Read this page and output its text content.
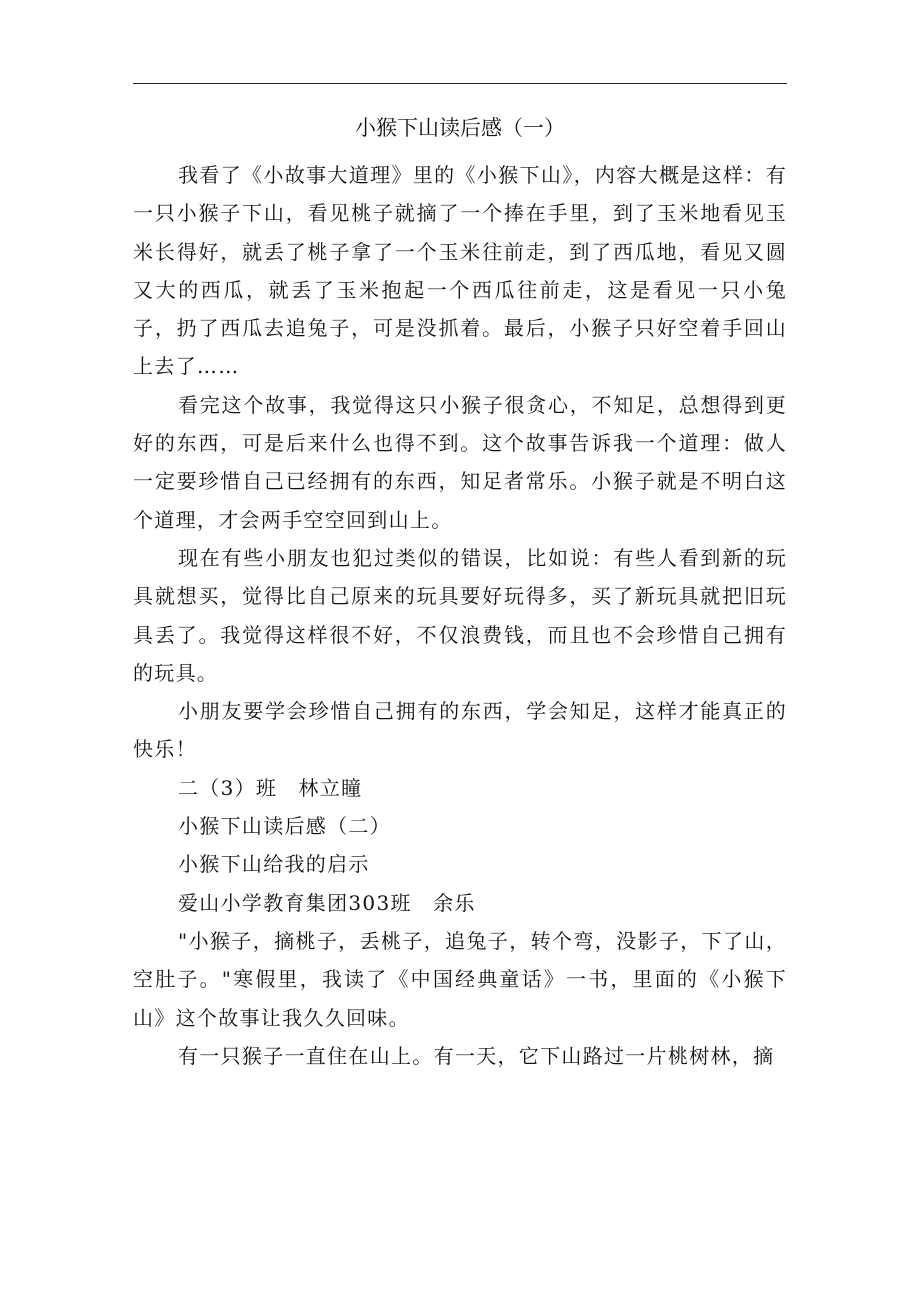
小猴下山读后感（一）

我看了《小故事大道理》里的《小猴下山》，内容大概是这样：有一只小猴子下山，看见桃子就摘了一个捧在手里，到了玉米地看见玉米长得好，就丢了桃子拿了一个玉米往前走，到了西瓜地，看见又圆又大的西瓜，就丢了玉米抱起一个西瓜往前走，这是看见一只小兔子，扔了西瓜去追兔子，可是没抓着。最后，小猴子只好空着手回山上去了……

看完这个故事，我觉得这只小猴子很贪心，不知足，总想得到更好的东西，可是后来什么也得不到。这个故事告诉我一个道理：做人一定要珍惜自己已经拥有的东西，知足者常乐。小猴子就是不明白这个道理，才会两手空空回到山上。

现在有些小朋友也犯过类似的错误，比如说：有些人看到新的玩具就想买，觉得比自己原来的玩具要好玩得多，买了新玩具就把旧玩具丢了。我觉得这样很不好，不仅浪费钱，而且也不会珍惜自己拥有的玩具。

小朋友要学会珍惜自己拥有的东西，学会知足，这样才能真正的快乐！

二（3）班　林立瞳

小猴下山读后感（二）

小猴下山给我的启示

爱山小学教育集团303班　余乐

"小猴子，摘桃子，丢桃子，追兔子，转个弯，没影子，下了山，空肚子。"寒假里，我读了《中国经典童话》一书，里面的《小猴下山》这个故事让我久久回味。

有一只猴子一直住在山上。有一天，它下山路过一片桃树林，摘
